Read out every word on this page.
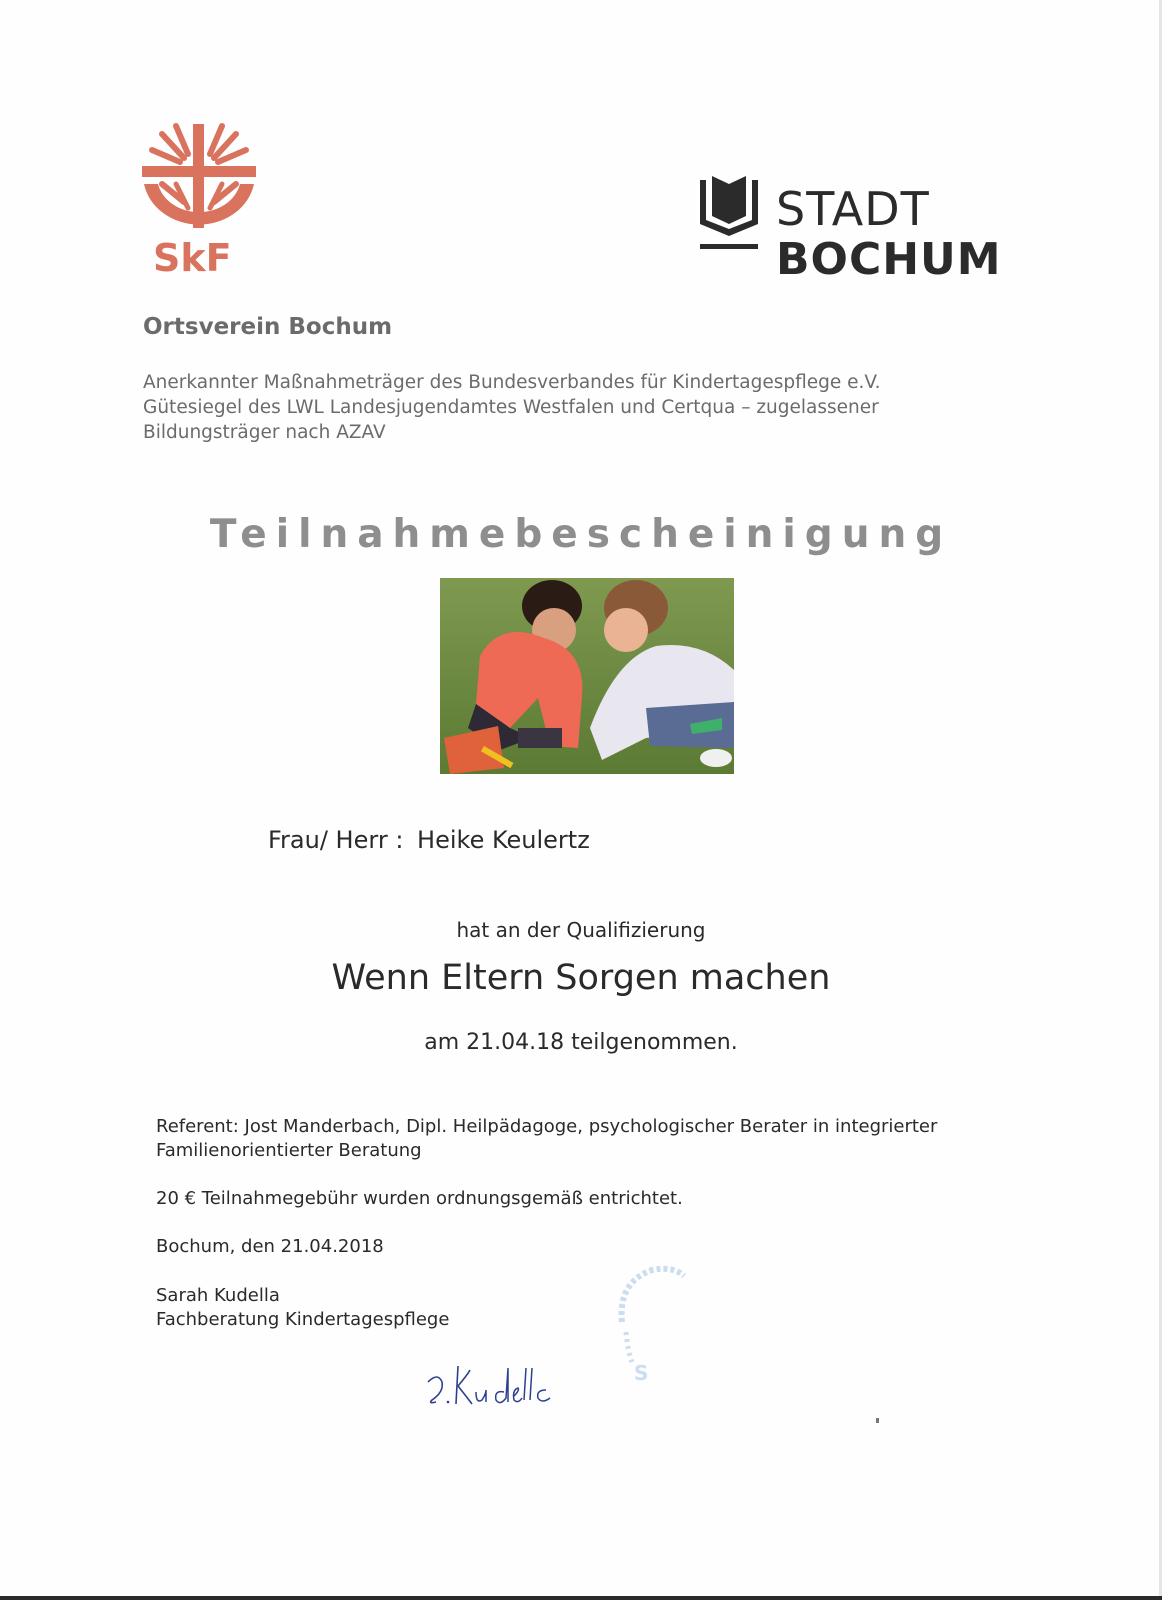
SkF
STADT
BOCHUM
Ortsverein Bochum
Anerkannter Maßnahmeträger des Bundesverbandes für Kindertagespflege e.V.
Gütesiegel des LWL Landesjugendamtes Westfalen und Certqua – zugelassener
Bildungsträger nach AZAV
Teilnahmebescheinigung
Frau/ Herr : Heike Keulertz
hat an der Qualifizierung
Wenn Eltern Sorgen machen
am 21.04.18 teilgenommen.
Referent: Jost Manderbach, Dipl. Heilpädagoge, psychologischer Berater in integrierter
Familienorientierter Beratung
20 € Teilnahmegebühr wurden ordnungsgemäß entrichtet.
Bochum, den 21.04.2018
Sarah Kudella
Fachberatung Kindertagespflege
S
